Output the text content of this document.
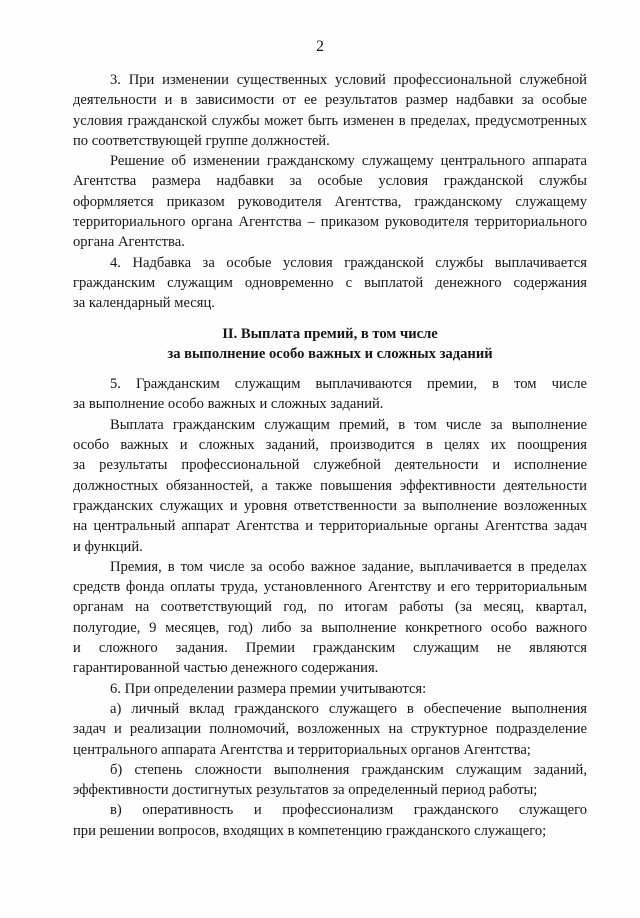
2
3. При изменении существенных условий профессиональной служебной
деятельности и в зависимости от ее результатов размер надбавки за особые
условия гражданской службы может быть изменен в пределах, предусмотренных
по соответствующей группе должностей.
Решение об изменении гражданскому служащему центрального аппарата
Агентства размера надбавки за особые условия гражданской службы
оформляется приказом руководителя Агентства, гражданскому служащему
территориального органа Агентства – приказом руководителя территориального
органа Агентства.
4. Надбавка за особые условия гражданской службы выплачивается
гражданским служащим одновременно с выплатой денежного содержания
за календарный месяц.
II. Выплата премий, в том числе
за выполнение особо важных и сложных заданий
5. Гражданским служащим выплачиваются премии, в том числе
за выполнение особо важных и сложных заданий.
Выплата гражданским служащим премий, в том числе за выполнение
особо важных и сложных заданий, производится в целях их поощрения
за результаты профессиональной служебной деятельности и исполнение
должностных обязанностей, а также повышения эффективности деятельности
гражданских служащих и уровня ответственности за выполнение возложенных
на центральный аппарат Агентства и территориальные органы Агентства задач
и функций.
Премия, в том числе за особо важное задание, выплачивается в пределах
средств фонда оплаты труда, установленного Агентству и его территориальным
органам на соответствующий год, по итогам работы (за месяц, квартал,
полугодие, 9 месяцев, год) либо за выполнение конкретного особо важного
и сложного задания. Премии гражданским служащим не являются
гарантированной частью денежного содержания.
6. При определении размера премии учитываются:
а) личный вклад гражданского служащего в обеспечение выполнения
задач и реализации полномочий, возложенных на структурное подразделение
центрального аппарата Агентства и территориальных органов Агентства;
б) степень сложности выполнения гражданским служащим заданий,
эффективности достигнутых результатов за определенный период работы;
в) оперативность и профессионализм гражданского служащего
при решении вопросов, входящих в компетенцию гражданского служащего;
